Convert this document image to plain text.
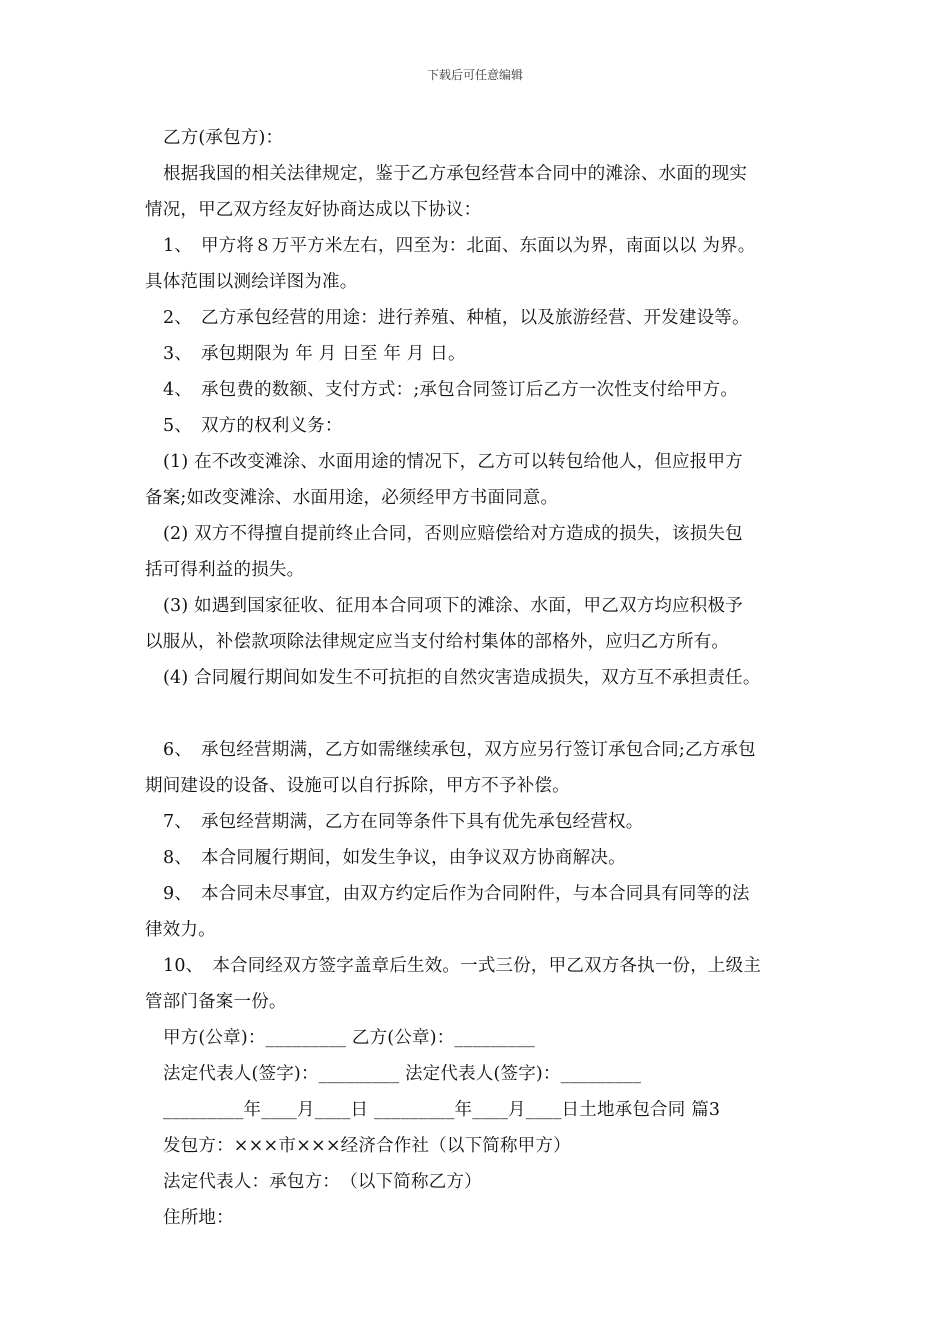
下载后可任意编辑
乙方(承包方)：
根据我国的相关法律规定，鉴于乙方承包经营本合同中的滩涂、水面的现实
情况，甲乙双方经友好协商达成以下协议：
1、　甲方将８万平方米左右，四至为：北面、东面以为界，南面以以 为界。
具体范围以测绘详图为准。
2、　乙方承包经营的用途：进行养殖、种植，以及旅游经营、开发建设等。
3、　承包期限为 年 月 日至 年 月 日。
4、　承包费的数额、支付方式：;承包合同签订后乙方一次性支付给甲方。
5、　双方的权利义务：
(1) 在不改变滩涂、水面用途的情况下，乙方可以转包给他人，但应报甲方
备案;如改变滩涂、水面用途，必须经甲方书面同意。
(2) 双方不得擅自提前终止合同，否则应赔偿给对方造成的损失，该损失包
括可得利益的损失。
(3) 如遇到国家征收、征用本合同项下的滩涂、水面，甲乙双方均应积极予
以服从，补偿款项除法律规定应当支付给村集体的部格外，应归乙方所有。
(4) 合同履行期间如发生不可抗拒的自然灾害造成损失，双方互不承担责任。
6、　承包经营期满，乙方如需继续承包，双方应另行签订承包合同;乙方承包
期间建设的设备、设施可以自行拆除，甲方不予补偿。
7、　承包经营期满，乙方在同等条件下具有优先承包经营权。
8、　本合同履行期间，如发生争议，由争议双方协商解决。
9、　本合同未尽事宜，由双方约定后作为合同附件，与本合同具有同等的法
律效力。
10、　本合同经双方签字盖章后生效。一式三份，甲乙双方各执一份，上级主
管部门备案一份。
甲方(公章)：_________ 乙方(公章)：_________
法定代表人(签字)：_________ 法定代表人(签字)：_________
_________年____月____日 _________年____月____日土地承包合同 篇3
发包方：×××市×××经济合作社（以下简称甲方）
法定代表人：承包方：　（以下简称乙方）
住所地：
